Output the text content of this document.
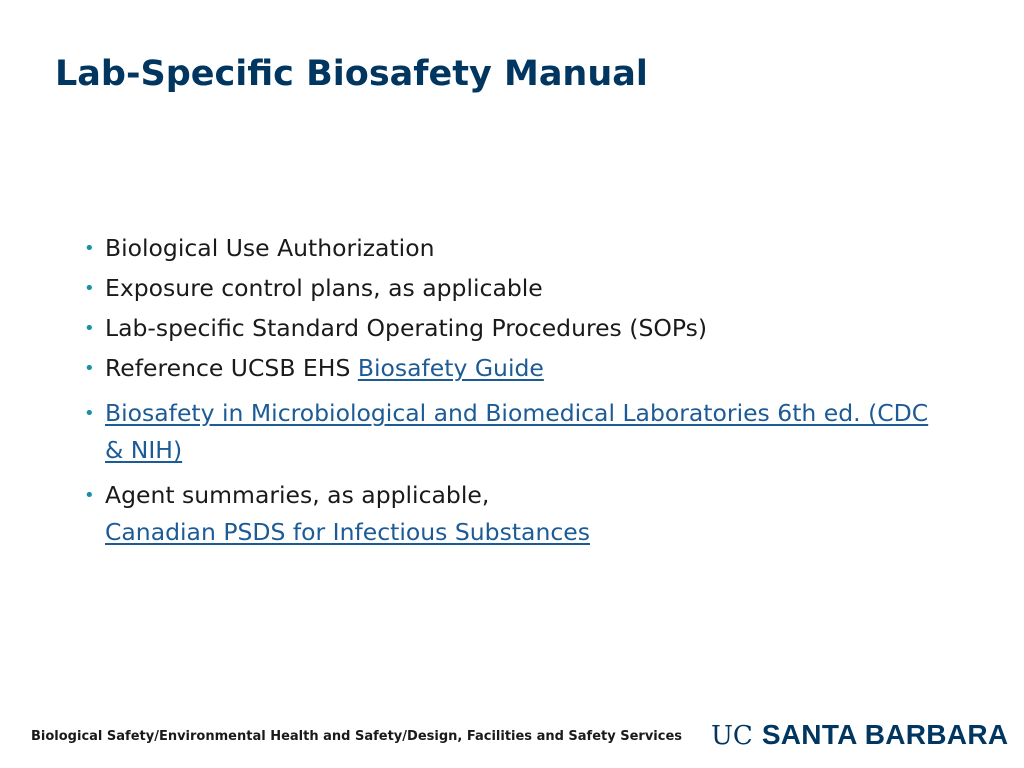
Lab-Specific Biosafety Manual
• Biological Use Authorization
• Exposure control plans, as applicable
• Lab-specific Standard Operating Procedures (SOPs)
• Reference UCSB EHS Biosafety Guide
• Biosafety in Microbiological and Biomedical Laboratories 6th ed. (CDC & NIH)
• Agent summaries, as applicable,
Canadian PSDS for Infectious Substances
Biological Safety/Environmental Health and Safety/Design, Facilities and Safety Services UC SANTA BARBARA
